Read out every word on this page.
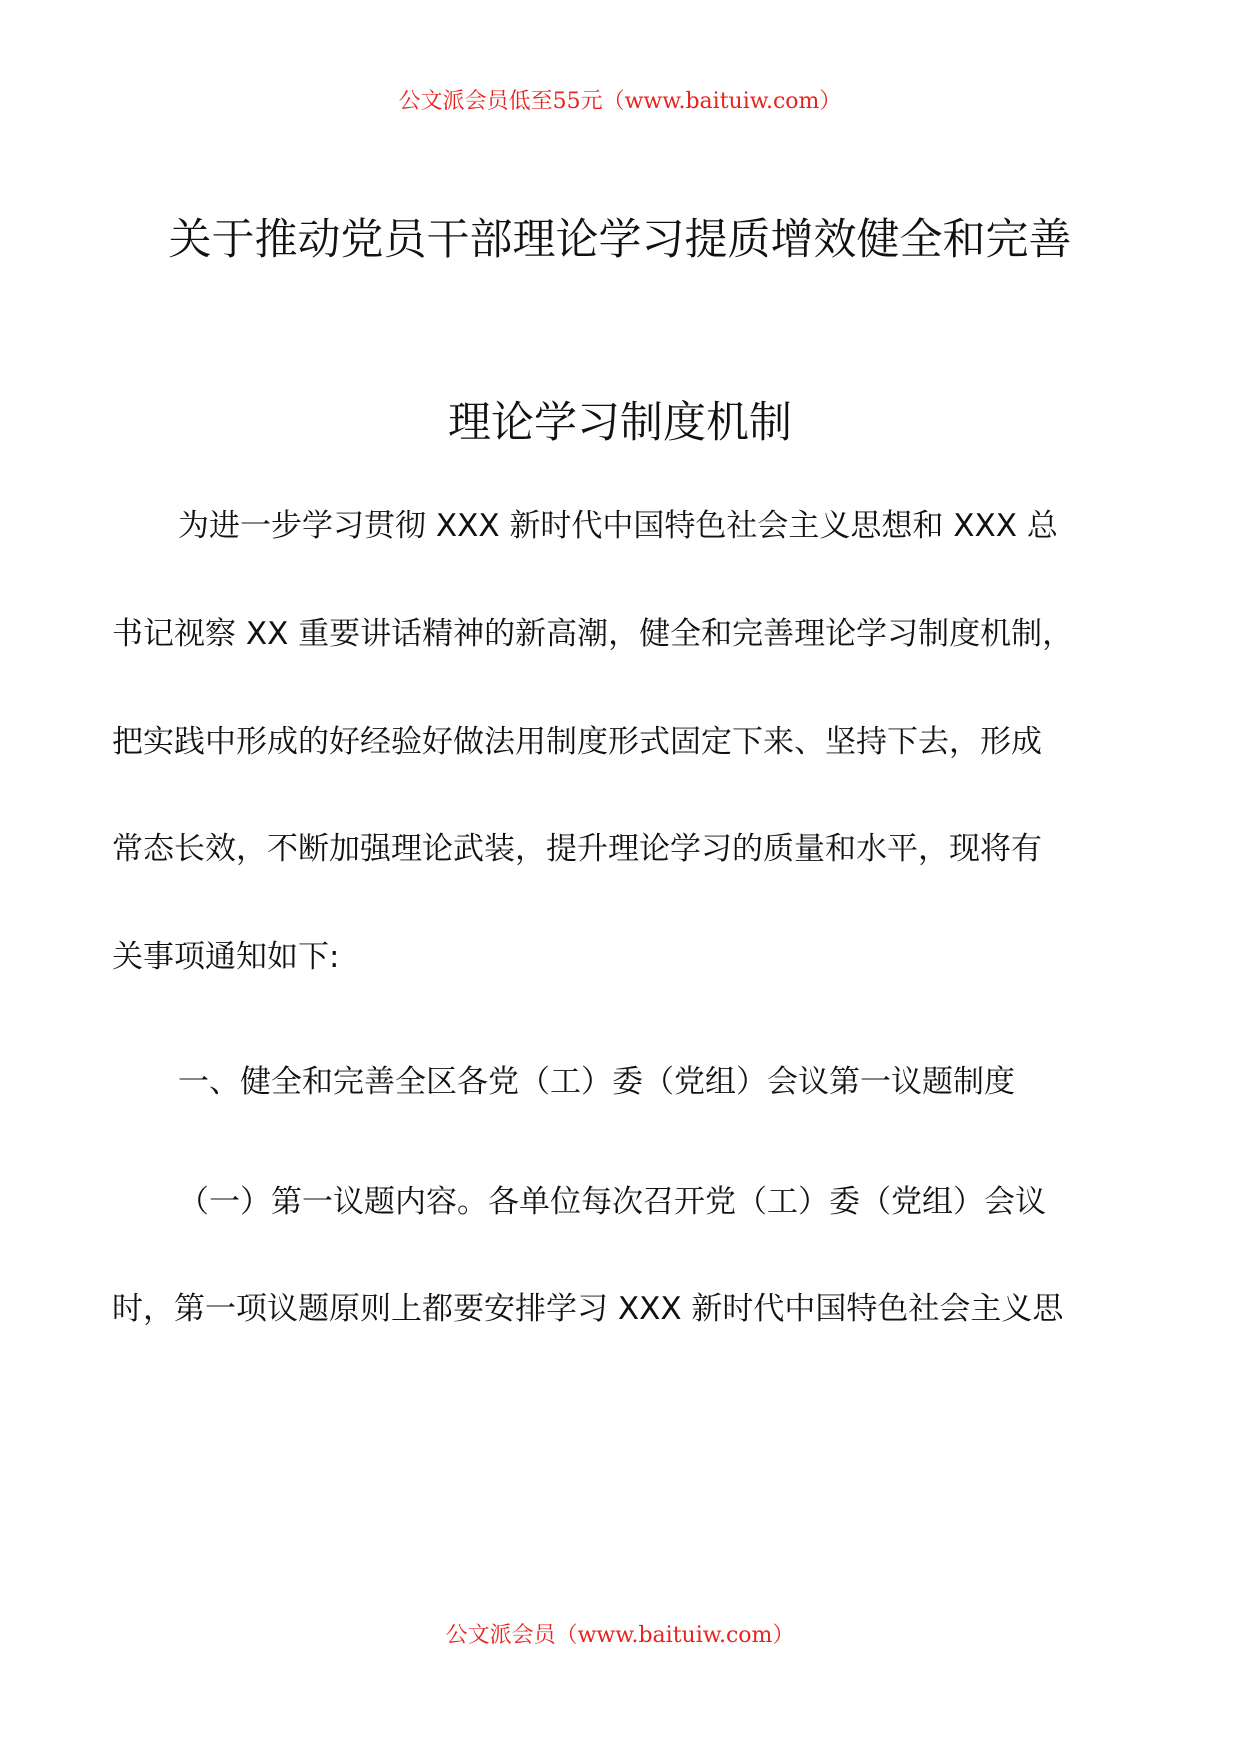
公文派会员低至55元（www.baituiw.com）
关于推动党员干部理论学习提质增效健全和完善
理论学习制度机制
为进一步学习贯彻 XXX 新时代中国特色社会主义思想和 XXX 总
书记视察 XX 重要讲话精神的新高潮，健全和完善理论学习制度机制，
把实践中形成的好经验好做法用制度形式固定下来、坚持下去，形成
常态长效，不断加强理论武装，提升理论学习的质量和水平，现将有
关事项通知如下:
一、健全和完善全区各党（工）委（党组）会议第一议题制度
（一）第一议题内容。各单位每次召开党（工）委（党组）会议
时，第一项议题原则上都要安排学习 XXX 新时代中国特色社会主义思
公文派会员（www.baituiw.com）
